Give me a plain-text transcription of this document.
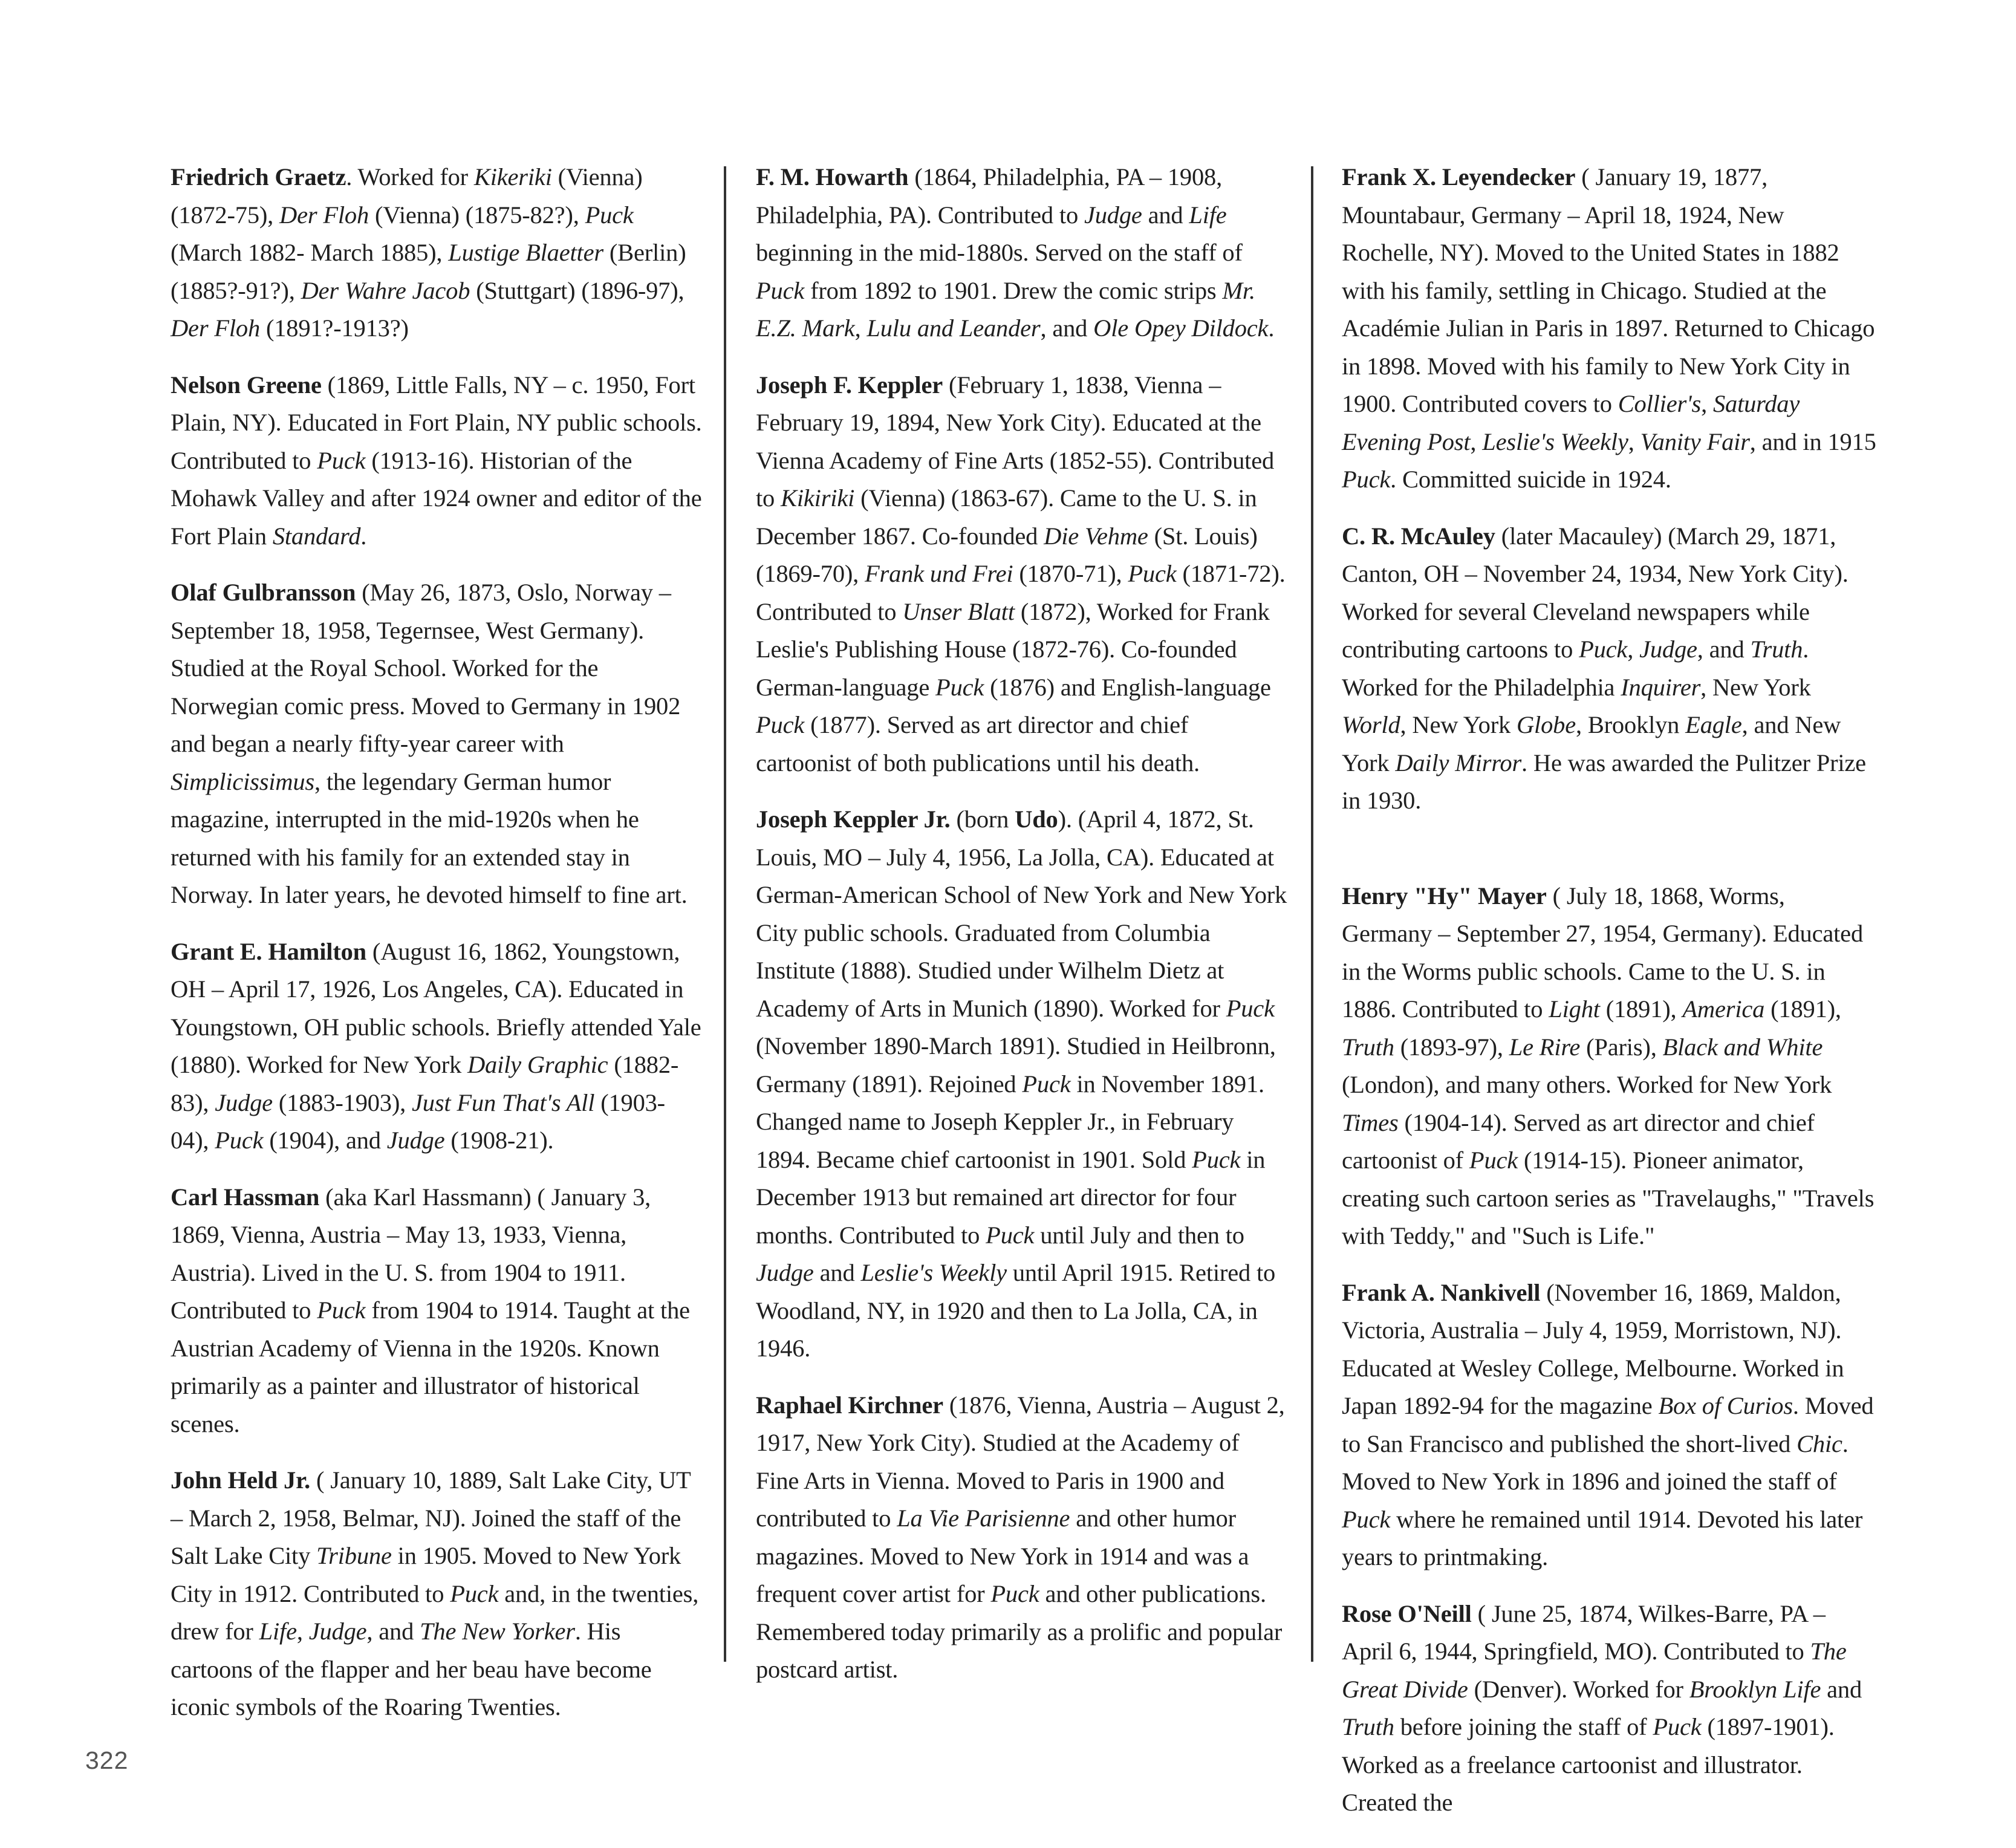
Friedrich Graetz. Worked for Kikeriki (Vienna) (1872-75), Der Floh (Vienna) (1875-82?), Puck (March 1882- March 1885), Lustige Blaetter (Berlin) (1885?-91?), Der Wahre Jacob (Stuttgart) (1896-97), Der Floh (1891?-1913?)

Nelson Greene (1869, Little Falls, NY – c. 1950, Fort Plain, NY). Educated in Fort Plain, NY public schools. Contributed to Puck (1913-16). Historian of the Mohawk Valley and after 1924 owner and editor of the Fort Plain Standard.

Olaf Gulbransson (May 26, 1873, Oslo, Norway – September 18, 1958, Tegernsee, West Germany). Studied at the Royal School. Worked for the Norwegian comic press. Moved to Germany in 1902 and began a nearly fifty-year career with Simplicissimus, the legendary German humor magazine, interrupted in the mid-1920s when he returned with his family for an extended stay in Norway. In later years, he devoted himself to fine art.

Grant E. Hamilton (August 16, 1862, Youngstown, OH – April 17, 1926, Los Angeles, CA). Educated in Youngstown, OH public schools. Briefly attended Yale (1880). Worked for New York Daily Graphic (1882-83), Judge (1883-1903), Just Fun That's All (1903-04), Puck (1904), and Judge (1908-21).

Carl Hassman (aka Karl Hassmann) ( January 3, 1869, Vienna, Austria – May 13, 1933, Vienna, Austria). Lived in the U. S. from 1904 to 1911. Contributed to Puck from 1904 to 1914. Taught at the Austrian Academy of Vienna in the 1920s. Known primarily as a painter and illustrator of historical scenes.

John Held Jr. ( January 10, 1889, Salt Lake City, UT – March 2, 1958, Belmar, NJ). Joined the staff of the Salt Lake City Tribune in 1905. Moved to New York City in 1912. Contributed to Puck and, in the twenties, drew for Life, Judge, and The New Yorker. His cartoons of the flapper and her beau have become iconic symbols of the Roaring Twenties.

F. M. Howarth (1864, Philadelphia, PA – 1908, Philadelphia, PA). Contributed to Judge and Life beginning in the mid-1880s. Served on the staff of Puck from 1892 to 1901. Drew the comic strips Mr. E.Z. Mark, Lulu and Leander, and Ole Opey Dildock.

Joseph F. Keppler (February 1, 1838, Vienna – February 19, 1894, New York City). Educated at the Vienna Academy of Fine Arts (1852-55). Contributed to Kikiriki (Vienna) (1863-67). Came to the U. S. in December 1867. Co-founded Die Vehme (St. Louis) (1869-70), Frank und Frei (1870-71), Puck (1871-72). Contributed to Unser Blatt (1872), Worked for Frank Leslie's Publishing House (1872-76). Co-founded German-language Puck (1876) and English-language Puck (1877). Served as art director and chief cartoonist of both publications until his death.

Joseph Keppler Jr. (born Udo). (April 4, 1872, St. Louis, MO – July 4, 1956, La Jolla, CA). Educated at German-American School of New York and New York City public schools. Graduated from Columbia Institute (1888). Studied under Wilhelm Dietz at Academy of Arts in Munich (1890). Worked for Puck (November 1890-March 1891). Studied in Heilbronn, Germany (1891). Rejoined Puck in November 1891. Changed name to Joseph Keppler Jr., in February 1894. Became chief cartoonist in 1901. Sold Puck in December 1913 but remained art director for four months. Contributed to Puck until July and then to Judge and Leslie's Weekly until April 1915. Retired to Woodland, NY, in 1920 and then to La Jolla, CA, in 1946.

Raphael Kirchner (1876, Vienna, Austria – August 2, 1917, New York City). Studied at the Academy of Fine Arts in Vienna. Moved to Paris in 1900 and contributed to La Vie Parisienne and other humor magazines. Moved to New York in 1914 and was a frequent cover artist for Puck and other publications. Remembered today primarily as a prolific and popular postcard artist.

Frank X. Leyendecker ( January 19, 1877, Mountabaur, Germany – April 18, 1924, New Rochelle, NY). Moved to the United States in 1882 with his family, settling in Chicago. Studied at the Académie Julian in Paris in 1897. Returned to Chicago in 1898. Moved with his family to New York City in 1900. Contributed covers to Collier's, Saturday Evening Post, Leslie's Weekly, Vanity Fair, and in 1915 Puck. Committed suicide in 1924.

C. R. McAuley (later Macauley) (March 29, 1871, Canton, OH – November 24, 1934, New York City). Worked for several Cleveland newspapers while contributing cartoons to Puck, Judge, and Truth. Worked for the Philadelphia Inquirer, New York World, New York Globe, Brooklyn Eagle, and New York Daily Mirror. He was awarded the Pulitzer Prize in 1930.

Henry "Hy" Mayer ( July 18, 1868, Worms, Germany – September 27, 1954, Germany). Educated in the Worms public schools. Came to the U. S. in 1886. Contributed to Light (1891), America (1891), Truth (1893-97), Le Rire (Paris), Black and White (London), and many others. Worked for New York Times (1904-14). Served as art director and chief cartoonist of Puck (1914-15). Pioneer animator, creating such cartoon series as "Travelaughs," "Travels with Teddy," and "Such is Life."

Frank A. Nankivell (November 16, 1869, Maldon, Victoria, Australia – July 4, 1959, Morristown, NJ). Educated at Wesley College, Melbourne. Worked in Japan 1892-94 for the magazine Box of Curios. Moved to San Francisco and published the short-lived Chic. Moved to New York in 1896 and joined the staff of Puck where he remained until 1914. Devoted his later years to printmaking.

Rose O'Neill ( June 25, 1874, Wilkes-Barre, PA – April 6, 1944, Springfield, MO). Contributed to The Great Divide (Denver). Worked for Brooklyn Life and Truth before joining the staff of Puck (1897-1901). Worked as a freelance cartoonist and illustrator. Created the

322
